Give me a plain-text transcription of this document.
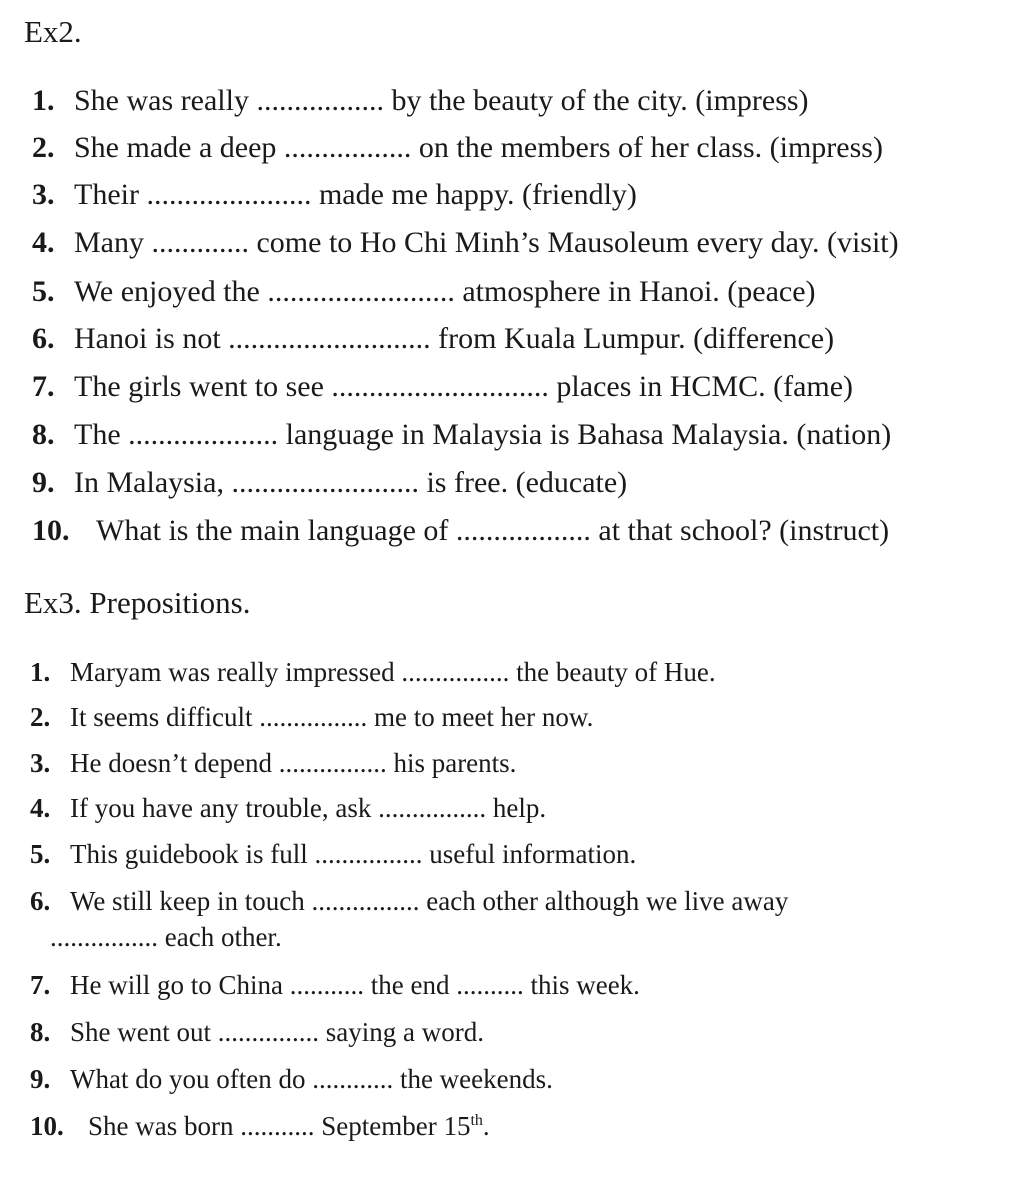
Ex2.
1. She was really ................. by the beauty of the city. (impress)
2. She made a deep ................. on the members of her class. (impress)
3. Their ...................... made me happy. (friendly)
4. Many ............. come to Ho Chi Minh’s Mausoleum every day. (visit)
5. We enjoyed the ......................... atmosphere in Hanoi. (peace)
6. Hanoi is not ........................... from Kuala Lumpur. (difference)
7. The girls went to see ............................. places in HCMC. (fame)
8. The .................... language in Malaysia is Bahasa Malaysia. (nation)
9. In Malaysia, ......................... is free. (educate)
10. What is the main language of .................. at that school? (instruct)
Ex3. Prepositions.
1. Maryam was really impressed ................ the beauty of Hue.
2. It seems difficult ................ me to meet her now.
3. He doesn’t depend ................ his parents.
4. If you have any trouble, ask ................ help.
5. This guidebook is full ................ useful information.
6. We still keep in touch ................ each other although we live away
................ each other.
7. He will go to China ........... the end .......... this week.
8. She went out ............... saying a word.
9. What do you often do ............ the weekends.
10. She was born ........... September 15th.
